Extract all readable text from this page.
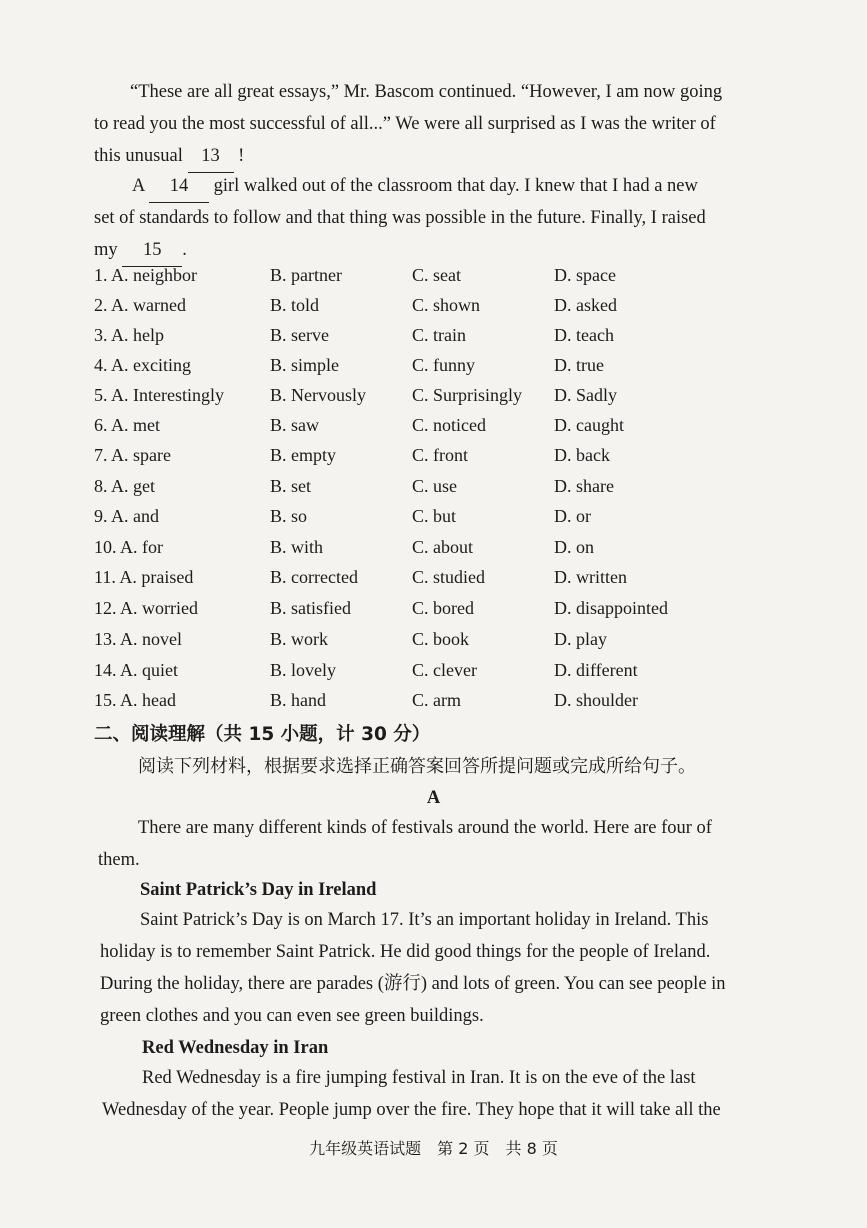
“These are all great essays,” Mr. Bascom continued. “However, I am now going
to read you the most successful of all...” We were all surprised as I was the writer of
this unusual 13 !
A 14 girl walked out of the classroom that day. I knew that I had a new
set of standards to follow and that thing was possible in the future. Finally, I raised
my 15 .
1. A. neighbor	B. partner	C. seat	D. space
2. A. warned	B. told	C. shown	D. asked
3. A. help	B. serve	C. train	D. teach
4. A. exciting	B. simple	C. funny	D. true
5. A. Interestingly	B. Nervously	C. Surprisingly D. Sadly
6. A. met	B. saw	C. noticed	D. caught
7. A. spare	B. empty	C. front	D. back
8. A. get	B. set	C. use	D. share
9. A. and	B. so	C. but	D. or
10. A. for	B. with	C. about	D. on
11. A. praised	B. corrected	C. studied	D. written
12. A. worried	B. satisfied	C. bored	D. disappointed
13. A. novel	B. work	C. book	D. play
14. A. quiet	B. lovely	C. clever	D. different
15. A. head	B. hand	C. arm	D. shoulder
二、阅读理解（共 15 小题，计 30 分）
阅读下列材料，根据要求选择正确答案回答所提问题或完成所给句子。
A
There are many different kinds of festivals around the world. Here are four of
them.
Saint Patrick’s Day in Ireland
Saint Patrick’s Day is on March 17. It’s an important holiday in Ireland. This
holiday is to remember Saint Patrick. He did good things for the people of Ireland.
During the holiday, there are parades (游行) and lots of green. You can see people in
green clothes and you can even see green buildings.
Red Wednesday in Iran
Red Wednesday is a fire jumping festival in Iran. It is on the eve of the last
Wednesday of the year. People jump over the fire. They hope that it will take all the
九年级英语试题　第 2 页　共 8 页
